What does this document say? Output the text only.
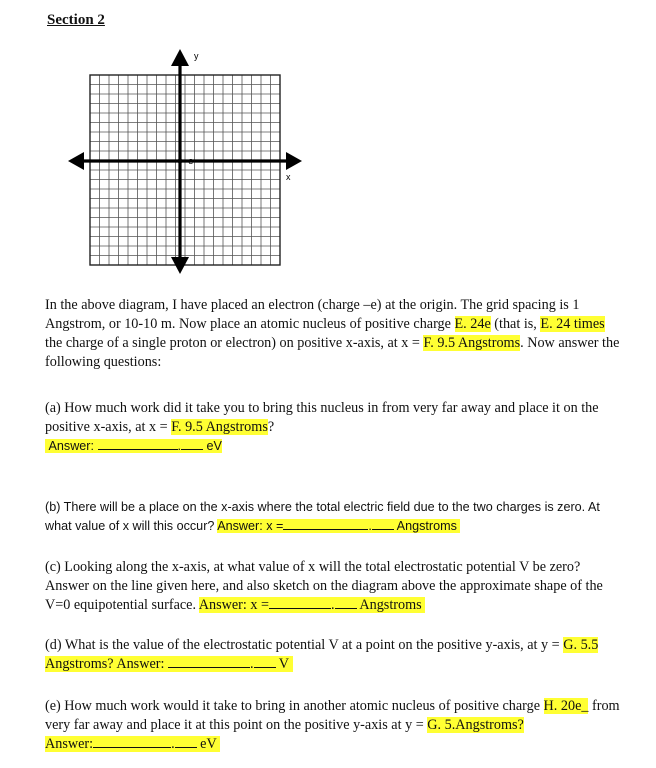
Section 2
-e
y
x

In the above diagram, I have placed an electron (charge –e) at the origin. The grid spacing is 1 Angstrom, or 10-10 m. Now place an atomic nucleus of positive charge E. 24e (that is, E. 24 times the charge of a single proton or electron) on positive x-axis, at x = F. 9.5 Angstroms. Now answer the following questions:

(a) How much work did it take you to bring this nucleus in from very far away and place it on the positive x-axis, at x = F. 9.5 Angstroms?
Answer:	. eV

(b) There will be a place on the x-axis where the total electric field due to the two charges is zero. At what value of x will this occur? Answer: x =	. Angstroms

(c) Looking along the x-axis, at what value of x will the total electrostatic potential V be zero? Answer on the line given here, and also sketch on the diagram above the approximate shape of the V=0 equipotential surface. Answer: x =	. Angstroms

(d) What is the value of the electrostatic potential V at a point on the positive y-axis, at y = G. 5.5 Angstroms? Answer:	. V

(e) How much work would it take to bring in another atomic nucleus of positive charge H. 20e_ from very far away and place it at this point on the positive y-axis at y = G. 5.Angstroms?
Answer:	. eV
